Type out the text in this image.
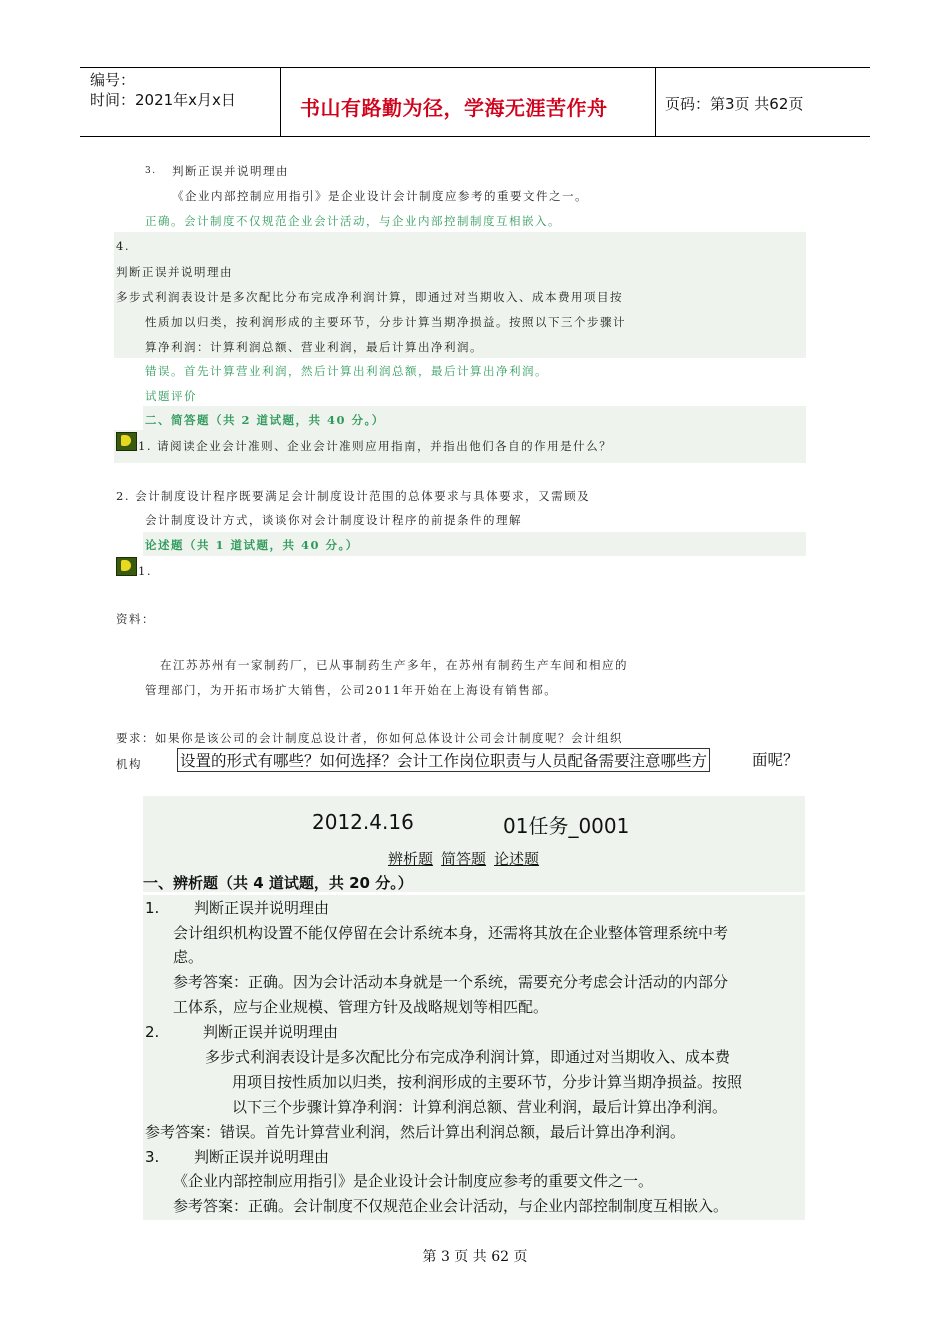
编号：
时间：2021年x月x日	书山有路勤为径，学海无涯苦作舟	页码：第3页 共62页
3. 判断正误并说明理由
《企业内部控制应用指引》是企业设计会计制度应参考的重要文件之一。
正确。会计制度不仅规范企业会计活动，与企业内部控制制度互相嵌入。
4.
判断正误并说明理由
多步式利润表设计是多次配比分布完成净利润计算，即通过对当期收入、成本费用项目按
性质加以归类，按利润形成的主要环节，分步计算当期净损益。按照以下三个步骤计
算净利润：计算利润总额、营业利润，最后计算出净利润。
错误。首先计算营业利润，然后计算出利润总额，最后计算出净利润。
试题评价
二、简答题（共 2 道试题，共 40 分。）
1. 请阅读企业会计准则、企业会计准则应用指南，并指出他们各自的作用是什么？
2. 会计制度设计程序既要满足会计制度设计范围的总体要求与具体要求，又需顾及
会计制度设计方式，谈谈你对会计制度设计程序的前提条件的理解
论述题（共 1 道试题，共 40 分。）
1.
资料：
在江苏苏州有一家制药厂，已从事制药生产多年，在苏州有制药生产车间和相应的
管理部门，为开拓市场扩大销售，公司2011年开始在上海设有销售部。
要求：如果你是该公司的会计制度总设计者，你如何总体设计公司会计制度呢？会计组织
机构 设置的形式有哪些？如何选择？会计工作岗位职责与人员配备需要注意哪些方	面呢？
2012.4.16	01任务_0001
辨析题 简答题 论述题
一、辨析题（共 4 道试题，共 20 分。）
1. 判断正误并说明理由
会计组织机构设置不能仅停留在会计系统本身，还需将其放在企业整体管理系统中考
虑。
参考答案：正确。因为会计活动本身就是一个系统，需要充分考虑会计活动的内部分
工体系，应与企业规模、管理方针及战略规划等相匹配。
2.	判断正误并说明理由
多步式利润表设计是多次配比分布完成净利润计算，即通过对当期收入、成本费
用项目按性质加以归类，按利润形成的主要环节，分步计算当期净损益。按照
以下三个步骤计算净利润：计算利润总额、营业利润，最后计算出净利润。
参考答案：错误。首先计算营业利润，然后计算出利润总额，最后计算出净利润。
3. 判断正误并说明理由
《企业内部控制应用指引》是企业设计会计制度应参考的重要文件之一。
参考答案：正确。会计制度不仅规范企业会计活动，与企业内部控制制度互相嵌入。
第 3 页 共 62 页
